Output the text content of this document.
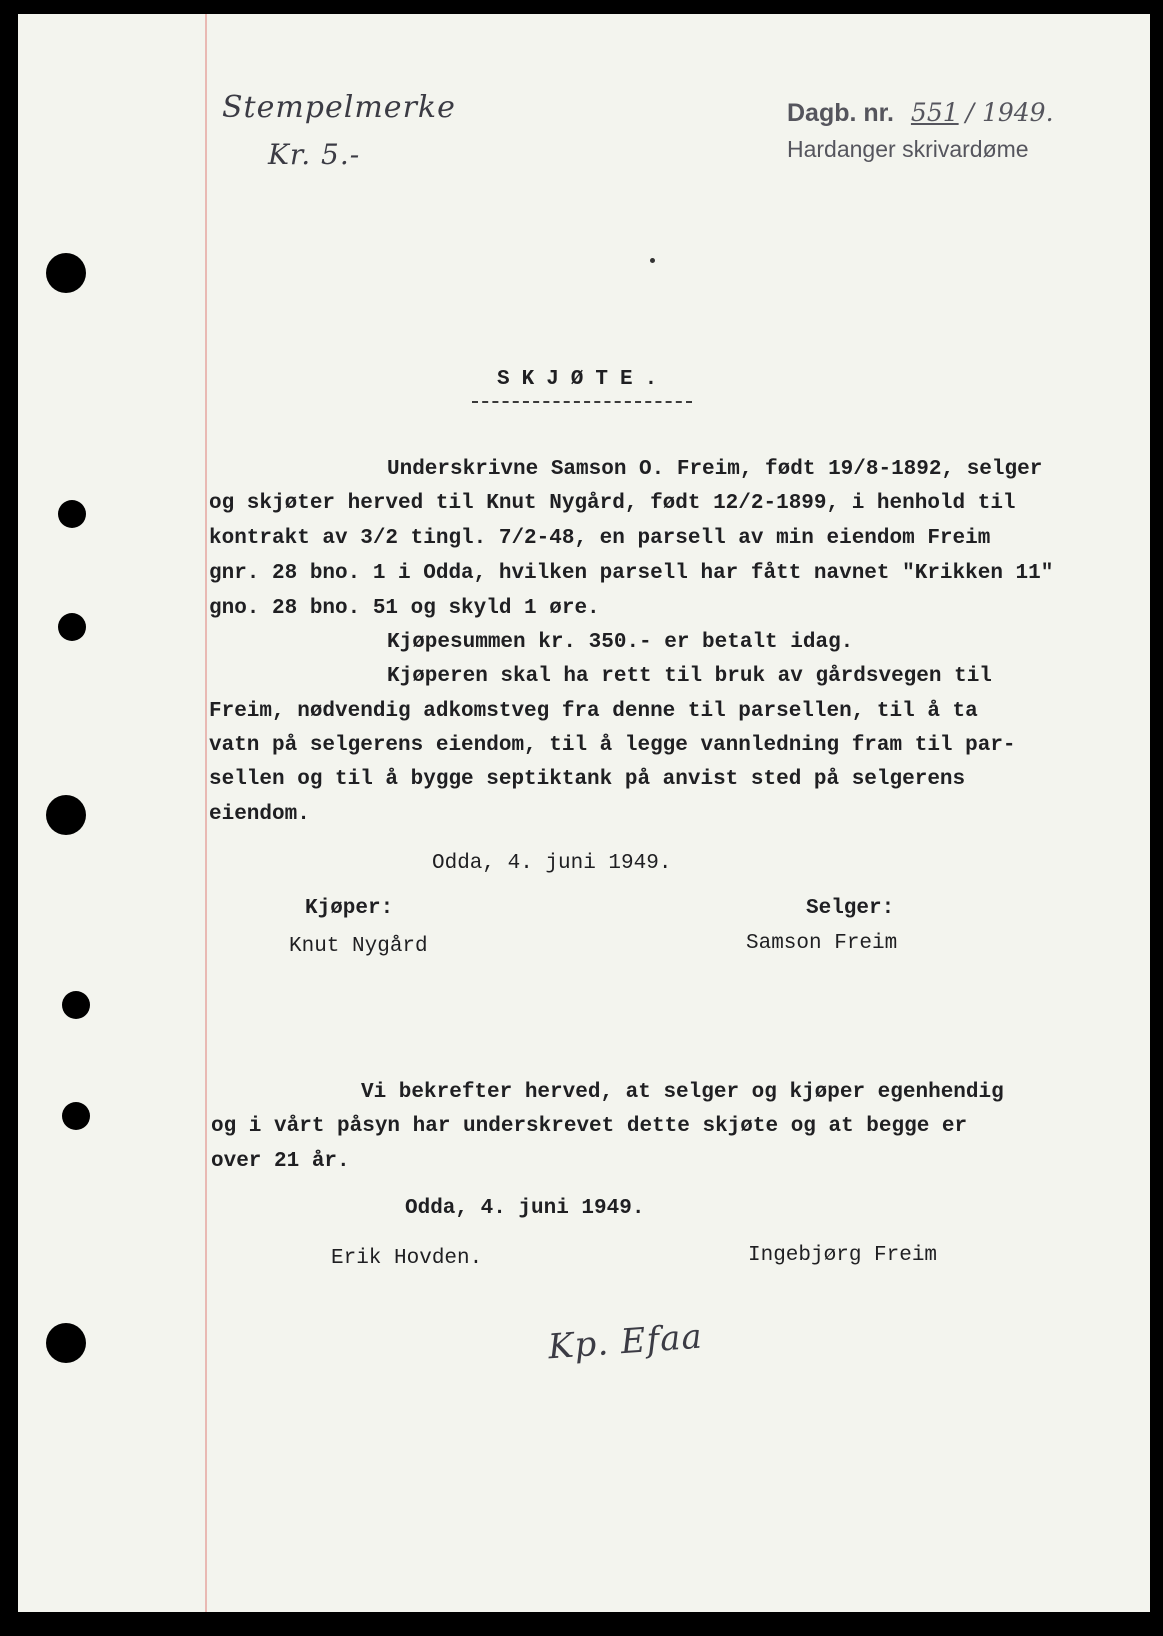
Stempelmerke
Kr. 5.-
Dagb. nr. 551 / 1949.
Hardanger skrivardøme
SKJØTE.
Underskrivne Samson O. Freim, født 19/8-1892, selger
og skjøter herved til Knut Nygård, født 12/2-1899, i henhold til
kontrakt av 3/2 tingl. 7/2-48, en parsell av min eiendom Freim
gnr. 28 bno. 1 i Odda, hvilken parsell har fått navnet "Krikken 11"
gno. 28 bno. 51 og skyld 1 øre.
Kjøpesummen kr. 350.- er betalt idag.
Kjøperen skal ha rett til bruk av gårdsvegen til
Freim, nødvendig adkomstveg fra denne til parsellen, til å ta
vatn på selgerens eiendom, til å legge vannledning fram til par-
sellen og til å bygge septiktank på anvist sted på selgerens
eiendom.
Odda, 4. juni 1949.
Kjøper:	Selger:
Knut Nygård	Samson Freim
Vi bekrefter herved, at selger og kjøper egenhendig
og i vårt påsyn har underskrevet dette skjøte og at begge er
over 21 år.
Odda, 4. juni 1949.
Erik Hovden.	Ingebjørg Freim
Kp. Efaa
